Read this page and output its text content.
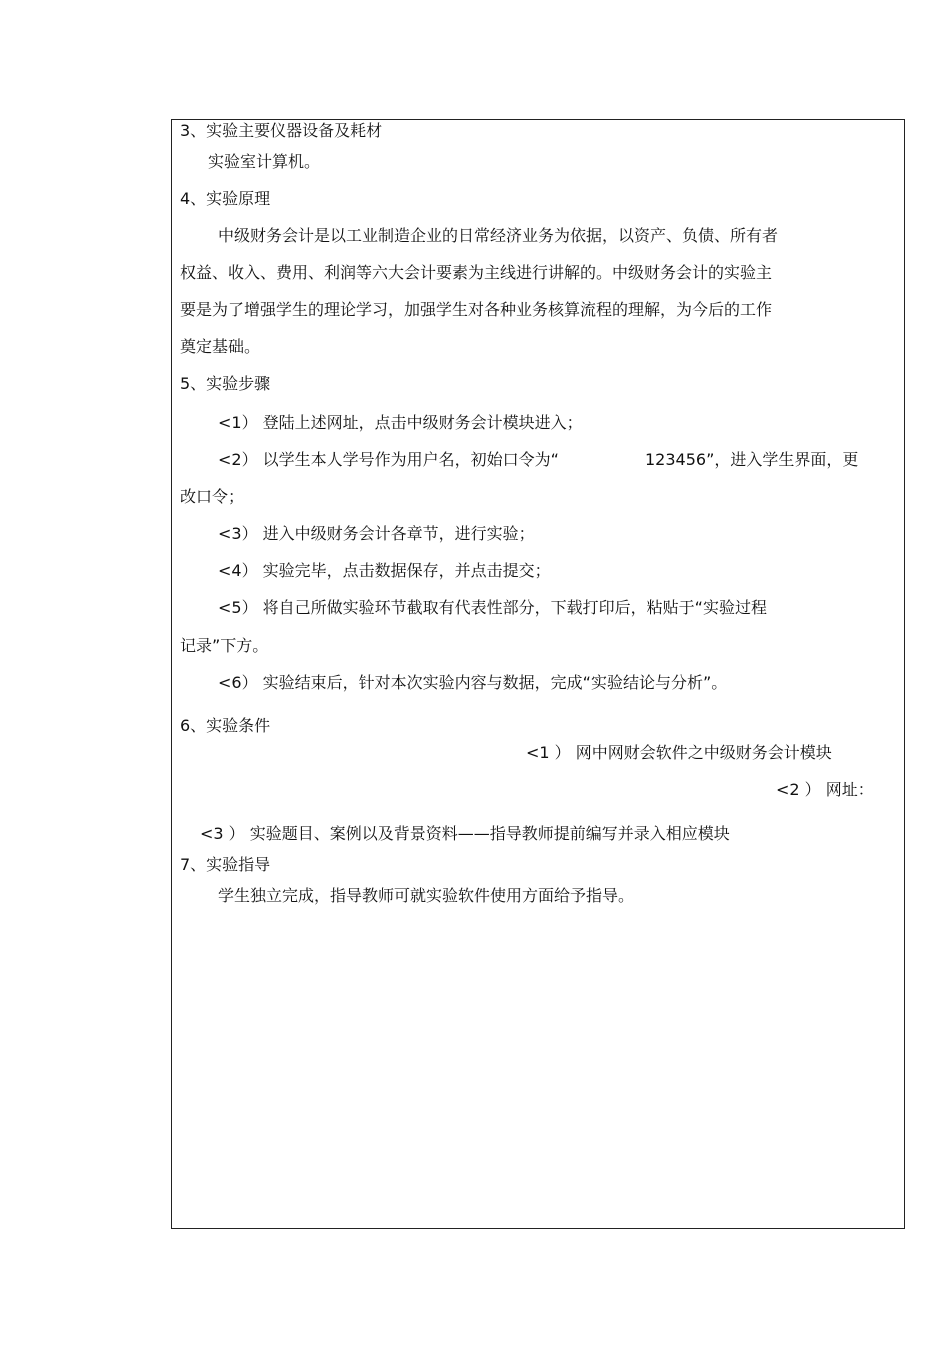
3、实验主要仪器设备及耗材
实验室计算机。
4、实验原理
中级财务会计是以工业制造企业的日常经济业务为依据，以资产、负债、所有者
权益、收入、费用、利润等六大会计要素为主线进行讲解的。中级财务会计的实验主
要是为了增强学生的理论学习，加强学生对各种业务核算流程的理解，为今后的工作
奠定基础。
5、实验步骤
<1） 登陆上述网址，点击中级财务会计模块进入；
<2） 以学生本人学号作为用户名，初始口令为“	123456”，进入学生界面，更
改口令；
<3） 进入中级财务会计各章节，进行实验；
<4） 实验完毕，点击数据保存，并点击提交；
<5） 将自己所做实验环节截取有代表性部分，下载打印后，粘贴于“实验过程
记录”下方。
<6） 实验结束后，针对本次实验内容与数据，完成“实验结论与分析”。
6、实验条件
<1 ） 网中网财会软件之中级财务会计模块
<2 ） 网址：
<3 ） 实验题目、案例以及背景资料——指导教师提前编写并录入相应模块
7、实验指导
学生独立完成，指导教师可就实验软件使用方面给予指导。
